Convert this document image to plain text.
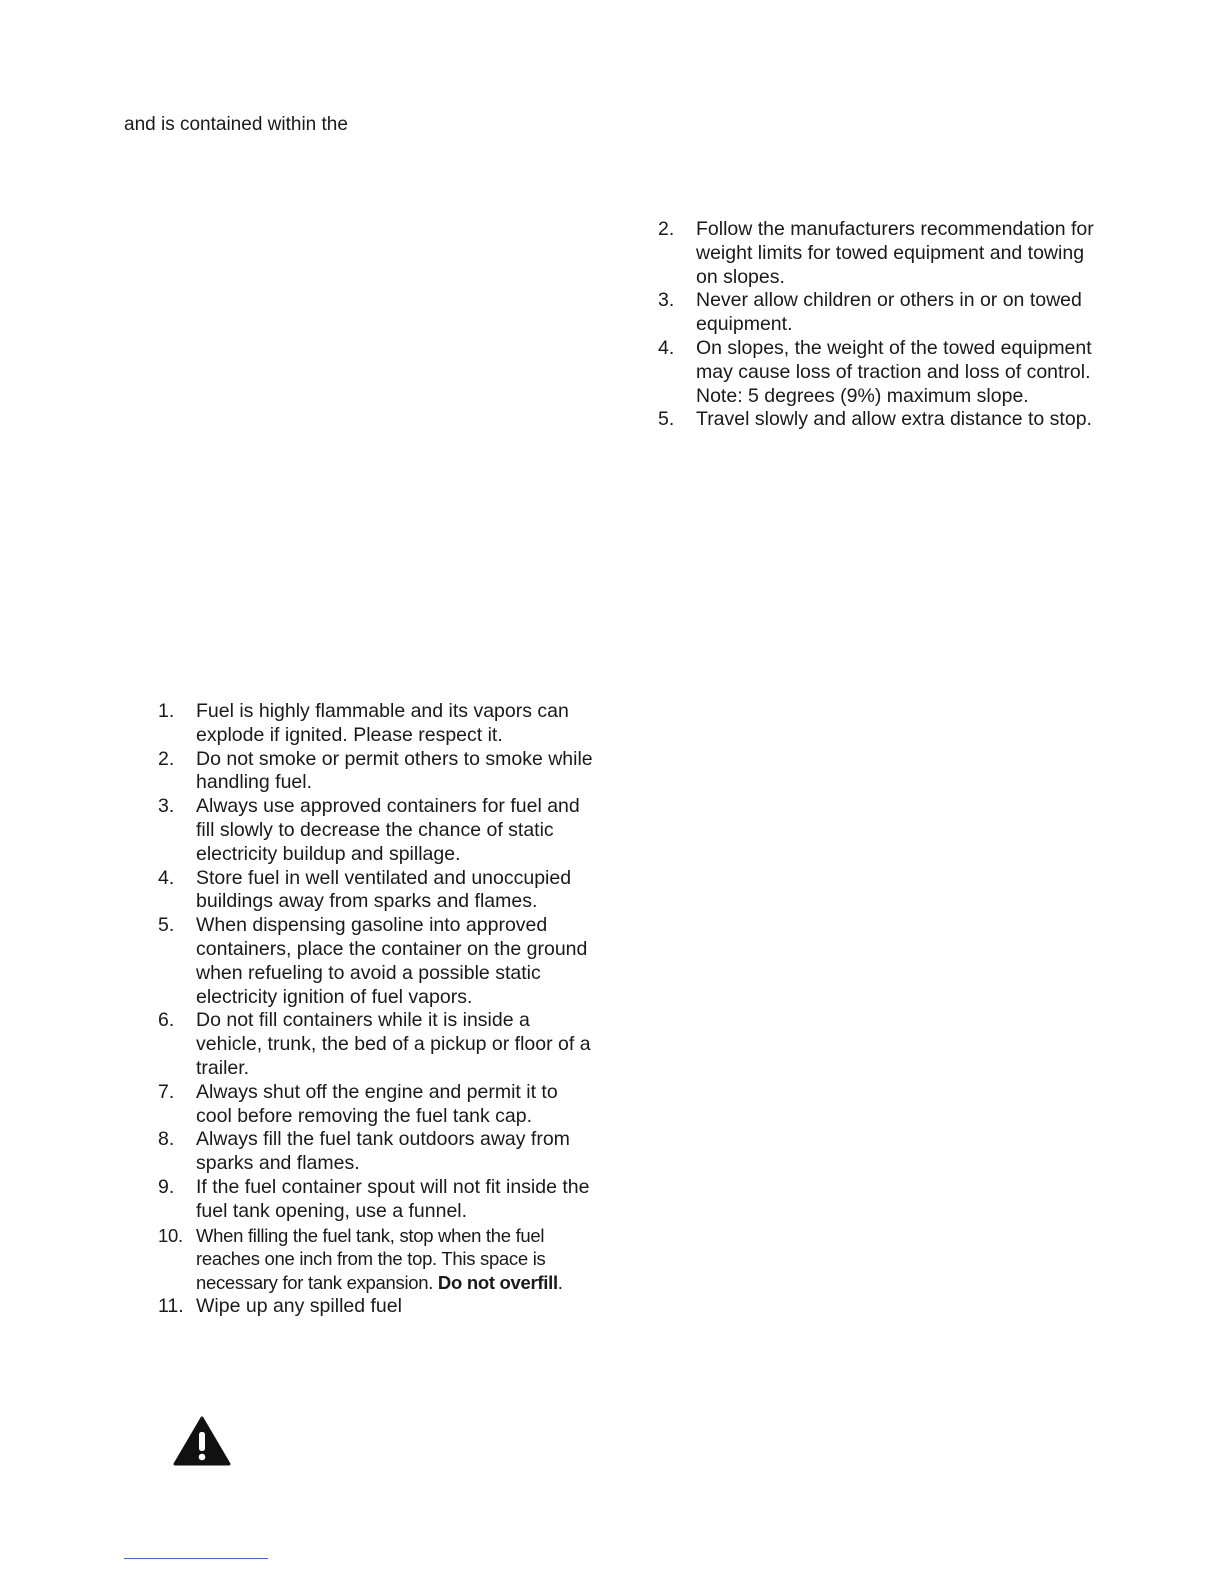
and is contained within the

2. Follow the manufacturers recommendation for weight limits for towed equipment and towing on slopes.
3. Never allow children or others in or on towed equipment.
4. On slopes, the weight of the towed equipment may cause loss of traction and loss of control. Note: 5 degrees (9%) maximum slope.
5. Travel slowly and allow extra distance to stop.
1. Fuel is highly flammable and its vapors can explode if ignited. Please respect it.
2. Do not smoke or permit others to smoke while handling fuel.
3. Always use approved containers for fuel and fill slowly to decrease the chance of static electricity buildup and spillage.
4. Store fuel in well ventilated and unoccupied buildings away from sparks and flames.
5. When dispensing gasoline into approved containers, place the container on the ground when refueling to avoid a possible static electricity ignition of fuel vapors.
6. Do not fill containers while it is inside a vehicle, trunk, the bed of a pickup or floor of a trailer.
7. Always shut off the engine and permit it to cool before removing the fuel tank cap.
8. Always fill the fuel tank outdoors away from sparks and flames.
9. If the fuel container spout will not fit inside the fuel tank opening, use a funnel.
10. When filling the fuel tank, stop when the fuel reaches one inch from the top. This space is necessary for tank expansion. Do not overfill.
11. Wipe up any spilled fuel
